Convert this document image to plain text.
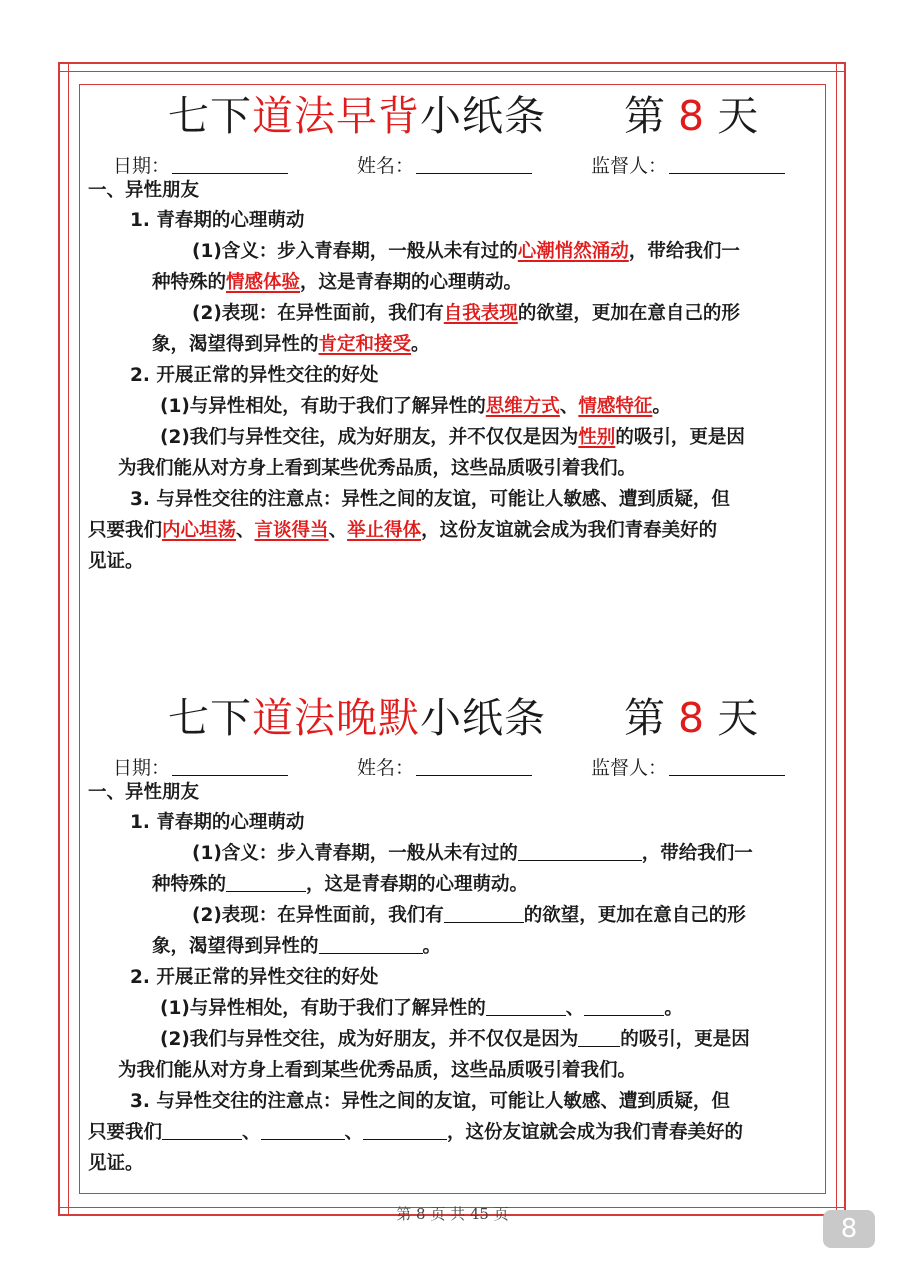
七下道法早背小纸条 第 8 天
日期：	姓名：	监督人：
一、异性朋友
1. 青春期的心理萌动
(1)含义：步入青春期，一般从未有过的心潮悄然涌动，带给我们一
种特殊的情感体验，这是青春期的心理萌动。
(2)表现：在异性面前，我们有自我表现的欲望，更加在意自己的形
象，渴望得到异性的肯定和接受。
2. 开展正常的异性交往的好处
(1)与异性相处，有助于我们了解异性的思维方式、情感特征。
(2)我们与异性交往，成为好朋友，并不仅仅是因为性别的吸引，更是因
为我们能从对方身上看到某些优秀品质，这些品质吸引着我们。
3. 与异性交往的注意点：异性之间的友谊，可能让人敏感、遭到质疑，但
只要我们内心坦荡、言谈得当、举止得体，这份友谊就会成为我们青春美好的
见证。
七下道法晚默小纸条 第 8 天
日期：	姓名：	监督人：
一、异性朋友
1. 青春期的心理萌动
(1)含义：步入青春期，一般从未有过的	，带给我们一
种特殊的	，这是青春期的心理萌动。
(2)表现：在异性面前，我们有	的欲望，更加在意自己的形
象，渴望得到异性的	。
2. 开展正常的异性交往的好处
(1)与异性相处，有助于我们了解异性的	、	。
(2)我们与异性交往，成为好朋友，并不仅仅是因为 的吸引，更是因
为我们能从对方身上看到某些优秀品质，这些品质吸引着我们。
3. 与异性交往的注意点：异性之间的友谊，可能让人敏感、遭到质疑，但
只要我们	、	、	，这份友谊就会成为我们青春美好的
见证。
第 8 页 共 45 页	8
